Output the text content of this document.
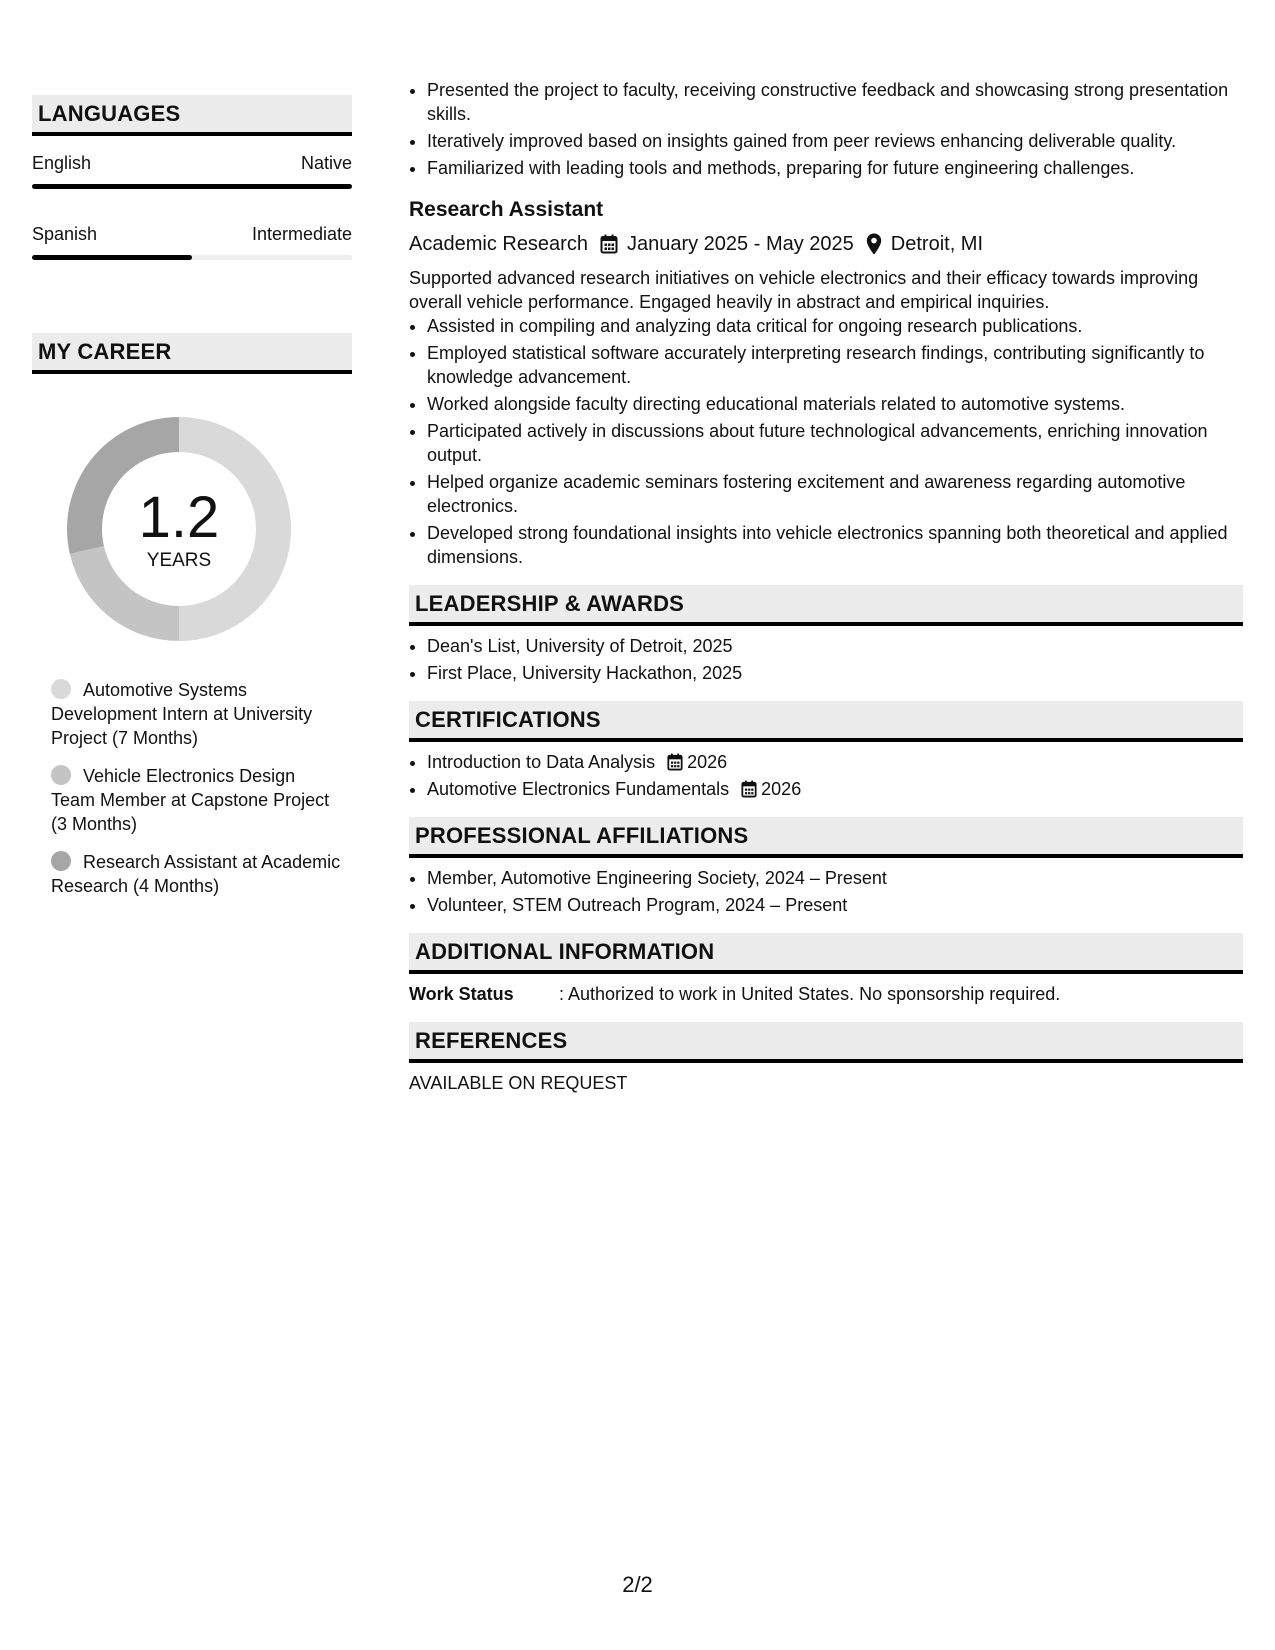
LANGUAGES
English	Native
Spanish	Intermediate
MY CAREER
1.2
YEARS
Automotive Systems Development Intern at University Project (7 Months)
Vehicle Electronics Design Team Member at Capstone Project (3 Months)
Research Assistant at Academic Research (4 Months)
• Presented the project to faculty, receiving constructive feedback and showcasing strong presentation skills.
• Iteratively improved based on insights gained from peer reviews enhancing deliverable quality.
• Familiarized with leading tools and methods, preparing for future engineering challenges.
Research Assistant
Academic Research January 2025 - May 2025 Detroit, MI
Supported advanced research initiatives on vehicle electronics and their efficacy towards improving overall vehicle performance. Engaged heavily in abstract and empirical inquiries.
• Assisted in compiling and analyzing data critical for ongoing research publications.
• Employed statistical software accurately interpreting research findings, contributing significantly to knowledge advancement.
• Worked alongside faculty directing educational materials related to automotive systems.
• Participated actively in discussions about future technological advancements, enriching innovation output.
• Helped organize academic seminars fostering excitement and awareness regarding automotive electronics.
• Developed strong foundational insights into vehicle electronics spanning both theoretical and applied dimensions.
LEADERSHIP & AWARDS
• Dean's List, University of Detroit, 2025
• First Place, University Hackathon, 2025
CERTIFICATIONS
• Introduction to Data Analysis 2026
• Automotive Electronics Fundamentals 2026
PROFESSIONAL AFFILIATIONS
• Member, Automotive Engineering Society, 2024 – Present
• Volunteer, STEM Outreach Program, 2024 – Present
ADDITIONAL INFORMATION
Work Status	: Authorized to work in United States. No sponsorship required.
REFERENCES
AVAILABLE ON REQUEST
2/2
